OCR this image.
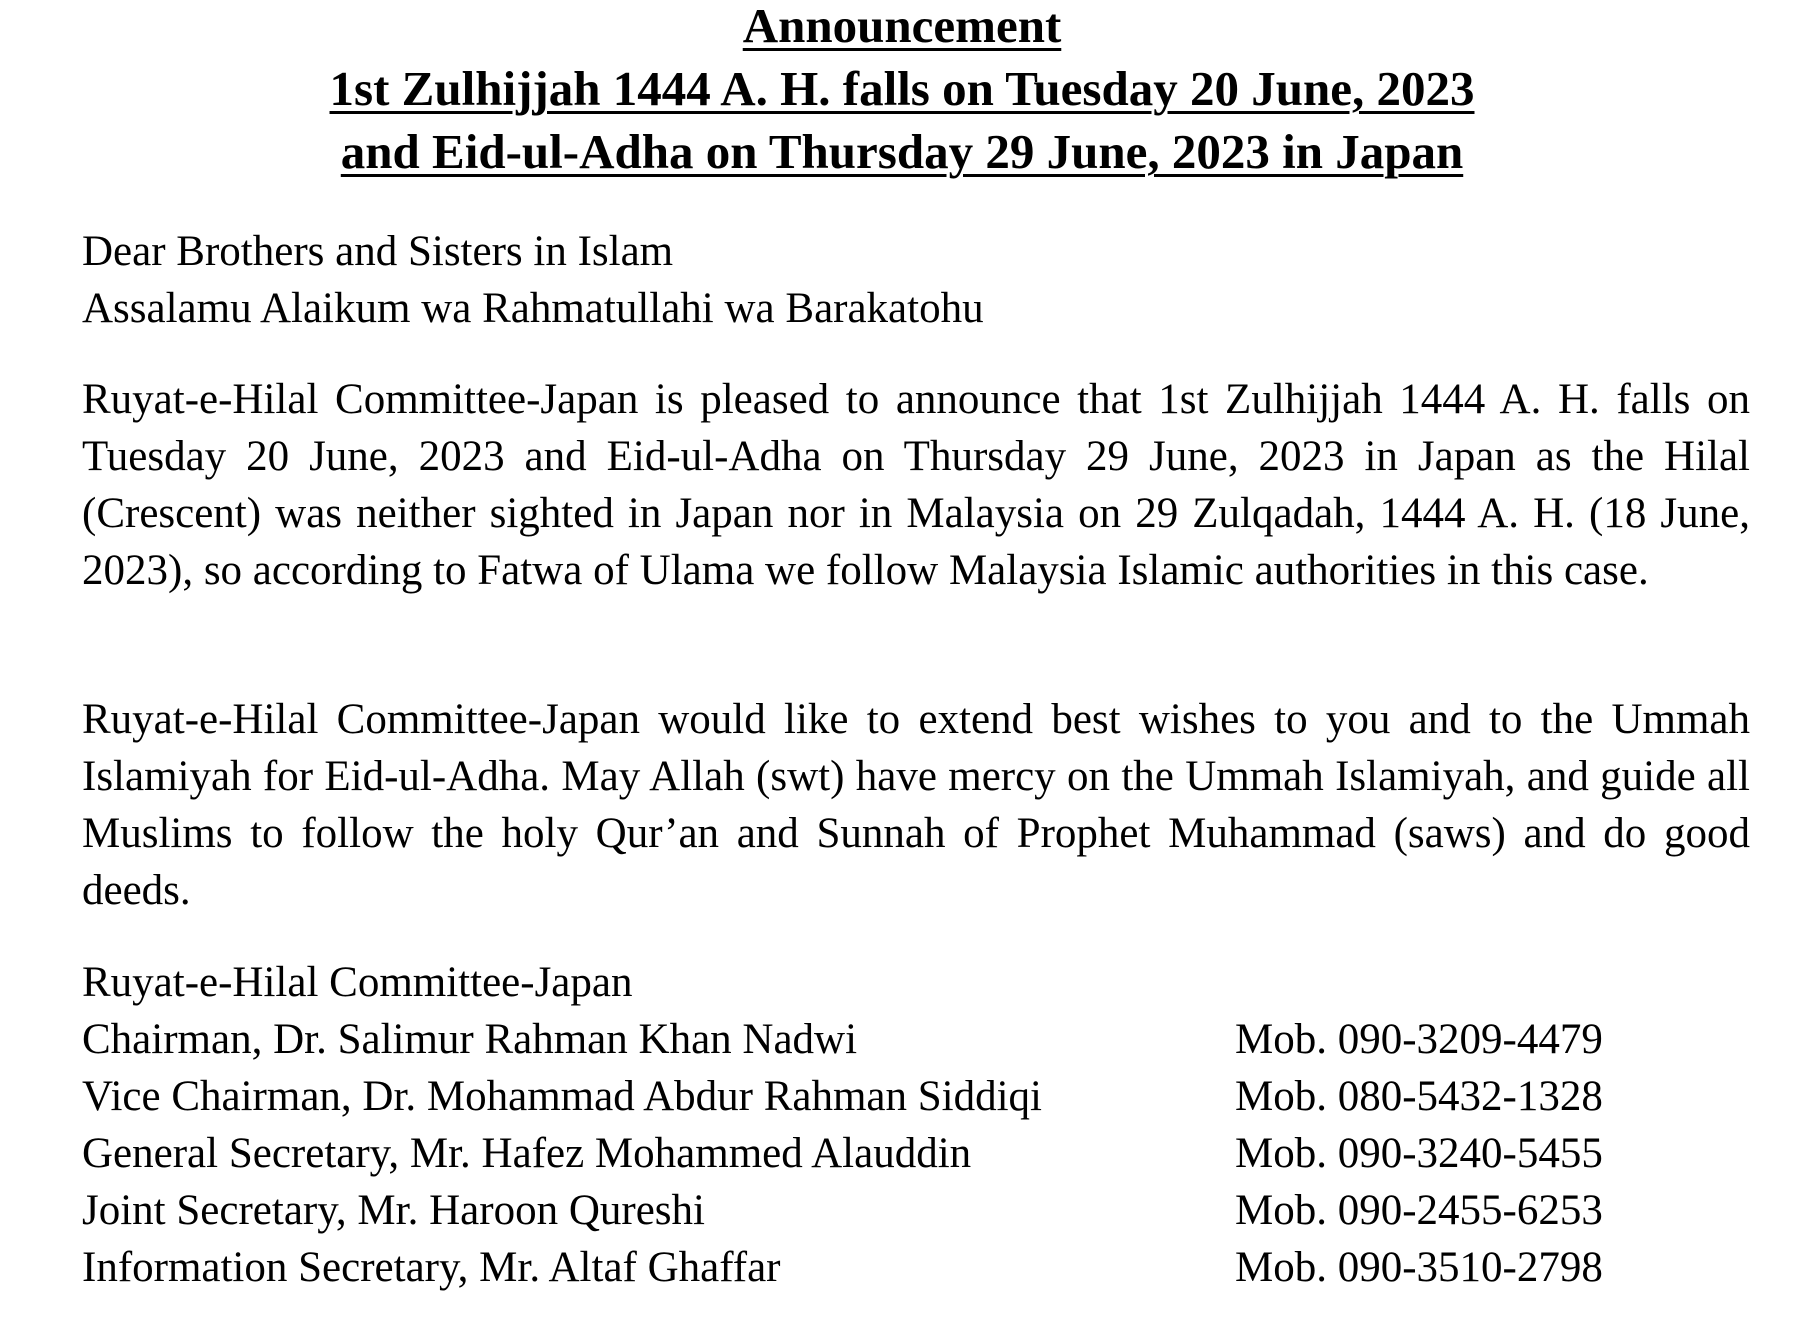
Announcement
1st Zulhijjah 1444 A. H. falls on Tuesday 20 June, 2023
and Eid-ul-Adha on Thursday 29 June, 2023 in Japan
Dear Brothers and Sisters in Islam
Assalamu Alaikum wa Rahmatullahi wa Barakatohu

Ruyat-e-Hilal Committee-Japan is pleased to announce that 1st Zulhijjah 1444 A. H. falls on Tuesday 20 June, 2023 and Eid-ul-Adha on Thursday 29 June, 2023 in Japan as the Hilal (Crescent) was neither sighted in Japan nor in Malaysia on 29 Zulqadah, 1444 A. H. (18 June, 2023), so according to Fatwa of Ulama we follow Malaysia Islamic authorities in this case.

Ruyat-e-Hilal Committee-Japan would like to extend best wishes to you and to the Ummah Islamiyah for Eid-ul-Adha. May Allah (swt) have mercy on the Ummah Islamiyah, and guide all Muslims to follow the holy Qur’an and Sunnah of Prophet Muhammad (saws) and do good deeds.

Ruyat-e-Hilal Committee-Japan
Chairman, Dr. Salimur Rahman Khan Nadwi	Mob. 090-3209-4479
Vice Chairman, Dr. Mohammad Abdur Rahman Siddiqi	Mob. 080-5432-1328
General Secretary, Mr. Hafez Mohammed Alauddin	Mob. 090-3240-5455
Joint Secretary, Mr. Haroon Qureshi	Mob. 090-2455-6253
Information Secretary, Mr. Altaf Ghaffar	Mob. 090-3510-2798
